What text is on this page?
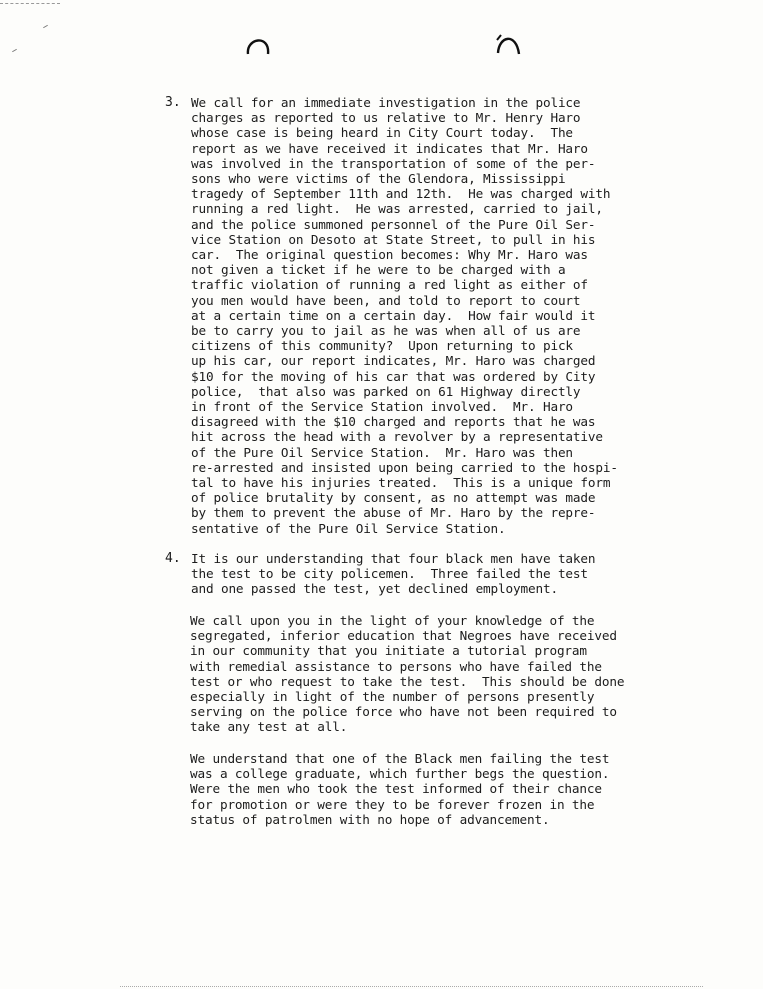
3. We call for an immediate investigation in the police
charges as reported to us relative to Mr. Henry Haro
whose case is being heard in City Court today.  The
report as we have received it indicates that Mr. Haro
was involved in the transportation of some of the per-
sons who were victims of the Glendora, Mississippi
tragedy of September 11th and 12th.  He was charged with
running a red light.  He was arrested, carried to jail,
and the police summoned personnel of the Pure Oil Ser-
vice Station on Desoto at State Street, to pull in his
car.  The original question becomes: Why Mr. Haro was
not given a ticket if he were to be charged with a
traffic violation of running a red light as either of
you men would have been, and told to report to court
at a certain time on a certain day.  How fair would it
be to carry you to jail as he was when all of us are
citizens of this community?  Upon returning to pick
up his car, our report indicates, Mr. Haro was charged
$10 for the moving of his car that was ordered by City
police,  that also was parked on 61 Highway directly
in front of the Service Station involved.  Mr. Haro
disagreed with the $10 charged and reports that he was
hit across the head with a revolver by a representative
of the Pure Oil Service Station.  Mr. Haro was then
re-arrested and insisted upon being carried to the hospi-
tal to have his injuries treated.  This is a unique form
of police brutality by consent, as no attempt was made
by them to prevent the abuse of Mr. Haro by the repre-
sentative of the Pure Oil Service Station.
4. It is our understanding that four black men have taken
the test to be city policemen.  Three failed the test
and one passed the test, yet declined employment.
We call upon you in the light of your knowledge of the
segregated, inferior education that Negroes have received
in our community that you initiate a tutorial program
with remedial assistance to persons who have failed the
test or who request to take the test.  This should be done
especially in light of the number of persons presently
serving on the police force who have not been required to
take any test at all.
We understand that one of the Black men failing the test
was a college graduate, which further begs the question.
Were the men who took the test informed of their chance
for promotion or were they to be forever frozen in the
status of patrolmen with no hope of advancement.
